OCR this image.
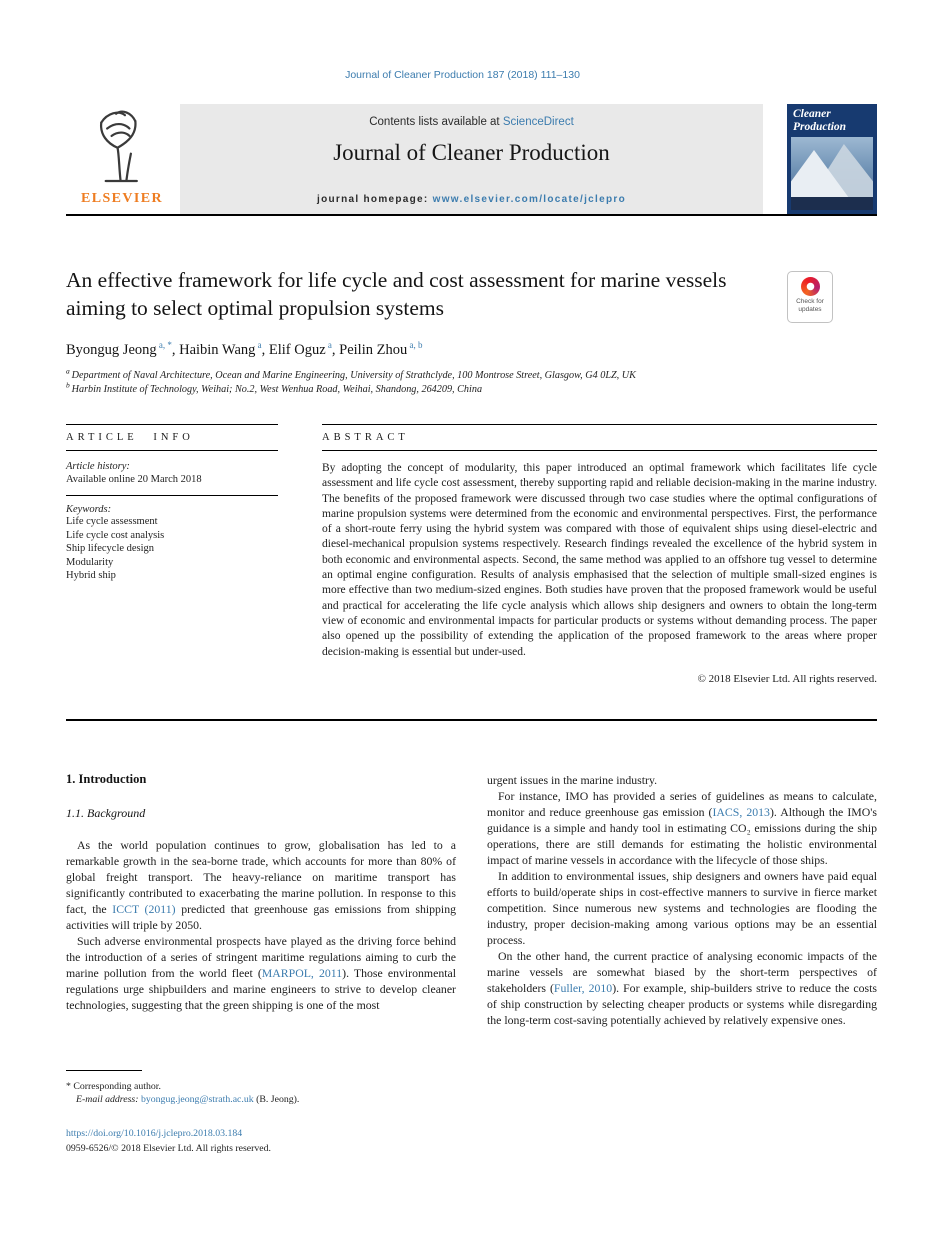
Journal of Cleaner Production 187 (2018) 111–130
ELSEVIER
Contents lists available at ScienceDirect
Journal of Cleaner Production
journal homepage: www.elsevier.com/locate/jclepro
Cleaner
Production
An effective framework for life cycle and cost assessment for marine vessels aiming to select optimal propulsion systems	Check for
updates
Byongug Jeong $^{a, *}$, Haibin Wang $^a$, Elif Oguz $^a$, Peilin Zhou $^{a, b}$
$^a$ Department of Naval Architecture, Ocean and Marine Engineering, University of Strathclyde, 100 Montrose Street, Glasgow, G4 0LZ, UK
$^b$ Harbin Institute of Technology, Weihai; No.2, West Wenhua Road, Weihai, Shandong, 264209, China
ARTICLE INFO
Article history:
Available online 20 March 2018
Keywords:
Life cycle assessment
Life cycle cost analysis
Ship lifecycle design
Modularity
Hybrid ship
ABSTRACT

By adopting the concept of modularity, this paper introduced an optimal framework which facilitates life cycle assessment and life cycle cost assessment, thereby supporting rapid and reliable decision-making in the marine industry. The benefits of the proposed framework were discussed through two case studies where the optimal configurations of marine propulsion systems were determined from the economic and environmental perspectives. First, the performance of a short-route ferry using the hybrid system was compared with those of equivalent ships using diesel-electric and diesel-mechanical propulsion systems respectively. Research findings revealed the excellence of the hybrid system in both economic and environmental aspects. Second, the same method was applied to an offshore tug vessel to determine an optimal engine configuration. Results of analysis emphasised that the selection of multiple small-sized engines is more effective than two medium-sized engines. Both studies have proven that the proposed framework would be useful and practical for accelerating the life cycle analysis which allows ship designers and owners to obtain the long-term view of economic and environmental impacts for particular products or systems without demanding process. The paper also opened up the possibility of extending the application of the proposed framework to the areas where proper decision-making is essential but under-used.

© 2018 Elsevier Ltd. All rights reserved.
1. Introduction
1.1. Background

As the world population continues to grow, globalisation has led to a remarkable growth in the sea-borne trade, which accounts for more than 80% of global freight transport. The heavy-reliance on maritime transport has significantly contributed to exacerbating the marine pollution. In response to this fact, the ICCT (2011) predicted that greenhouse gas emissions from shipping activities will triple by 2050.

Such adverse environmental prospects have played as the driving force behind the introduction of a series of stringent maritime regulations aiming to curb the marine pollution from the world fleet (MARPOL, 2011). Those environmental regulations urge shipbuilders and marine engineers to strive to develop cleaner technologies, suggesting that the green shipping is one of the most

urgent issues in the marine industry.

For instance, IMO has provided a series of guidelines as means to calculate, monitor and reduce greenhouse gas emission (IACS, 2013). Although the IMO's guidance is a simple and handy tool in estimating CO₂ emissions during the ship operations, there are still demands for estimating the holistic environmental impact of marine vessels in accordance with the lifecycle of those ships.

In addition to environmental issues, ship designers and owners have paid equal efforts to build/operate ships in cost-effective manners to survive in fierce market competition. Since numerous new systems and technologies are flooding the industry, proper decision-making among various options may be an essential process.

On the other hand, the current practice of analysing economic impacts of the marine vessels are somewhat biased by the short-term perspectives of stakeholders (Fuller, 2010). For example, ship-builders strive to reduce the costs of ship construction by selecting cheaper products or systems while disregarding the long-term cost-saving potentially achieved by relatively expensive ones.

* Corresponding author.
E-mail address: byongug.jeong@strath.ac.uk (B. Jeong).
https://doi.org/10.1016/j.jclepro.2018.03.184
0959-6526/© 2018 Elsevier Ltd. All rights reserved.
